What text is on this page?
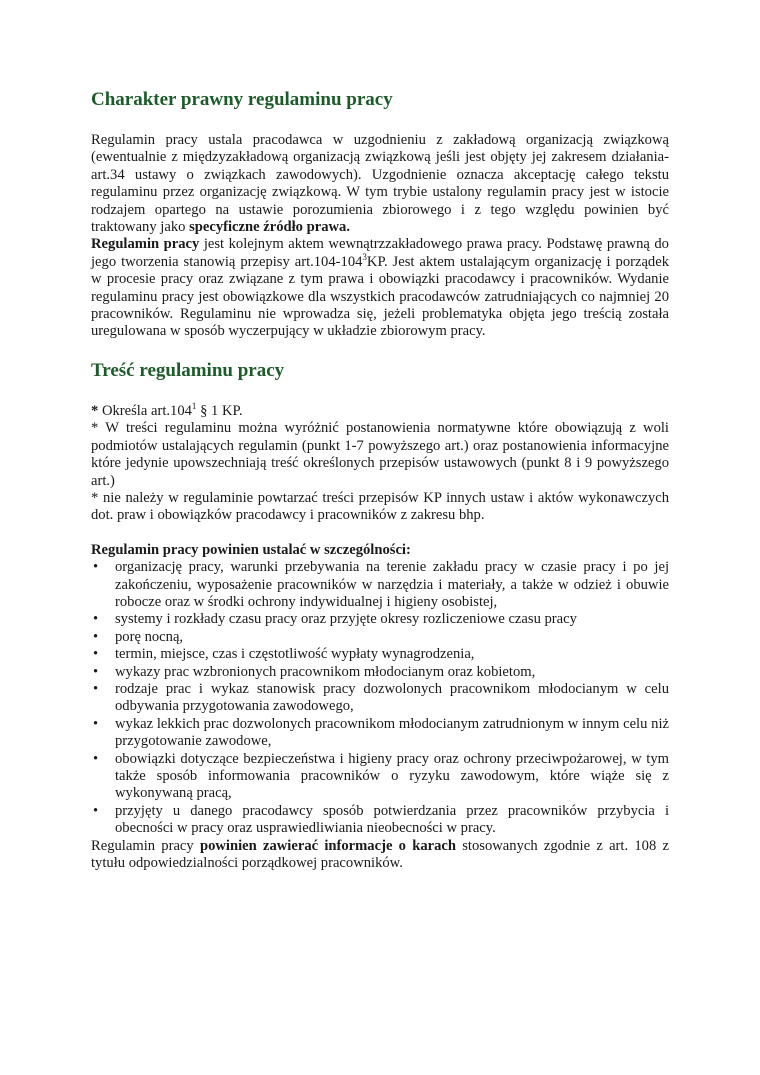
Charakter prawny regulaminu pracy

Regulamin pracy ustala pracodawca w uzgodnieniu z zakładową organizacją związkową (ewentualnie z międzyzakładową organizacją związkową jeśli jest objęty jej zakresem działania- art.34 ustawy o związkach zawodowych). Uzgodnienie oznacza akceptację całego tekstu regulaminu przez organizację związkową. W tym trybie ustalony regulamin pracy jest w istocie rodzajem opartego na ustawie porozumienia zbiorowego i z tego względu powinien być traktowany jako specyficzne źródło prawa.

Regulamin pracy jest kolejnym aktem wewnątrzzakładowego prawa pracy. Podstawę prawną do jego tworzenia stanowią przepisy $art.104-104^3KP$. Jest aktem ustalającym organizację i porządek w procesie pracy oraz związane z tym prawa i obowiązki pracodawcy i pracowników. Wydanie regulaminu pracy jest obowiązkowe dla wszystkich pracodawców zatrudniających co najmniej 20 pracowników. Regulaminu nie wprowadza się, jeżeli problematyka objęta jego treścią została uregulowana w sposób wyczerpujący w układzie zbiorowym pracy.

Treść regulaminu pracy

* Określa art.104$^1$ § 1 KP.

* W treści regulaminu można wyróżnić postanowienia normatywne które obowiązują z woli podmiotów ustalających regulamin (punkt 1-7 powyższego art.) oraz postanowienia informacyjne które jedynie upowszechniają treść określonych przepisów ustawowych (punkt 8 i 9 powyższego art.)

* nie należy w regulaminie powtarzać treści przepisów KP innych ustaw i aktów wykonawczych dot. praw i obowiązków pracodawcy i pracowników z zakresu bhp.

Regulamin pracy powinien ustalać w szczególności:

• organizację pracy, warunki przebywania na terenie zakładu pracy w czasie pracy i po jej zakończeniu, wyposażenie pracowników w narzędzia i materiały, a także w odzież i obuwie robocze oraz w środki ochrony indywidualnej i higieny osobistej,
• systemy i rozkłady czasu pracy oraz przyjęte okresy rozliczeniowe czasu pracy
• porę nocną,
• termin, miejsce, czas i częstotliwość wypłaty wynagrodzenia,
• wykazy prac wzbronionych pracownikom młodocianym oraz kobietom,
• rodzaje prac i wykaz stanowisk pracy dozwolonych pracownikom młodocianym w celu odbywania przygotowania zawodowego,
• wykaz lekkich prac dozwolonych pracownikom młodocianym zatrudnionym w innym celu niż przygotowanie zawodowe,
• obowiązki dotyczące bezpieczeństwa i higieny pracy oraz ochrony przeciwpożarowej, w tym także sposób informowania pracowników o ryzyku zawodowym, które wiąże się z wykonywaną pracą,
• przyjęty u danego pracodawcy sposób potwierdzania przez pracowników przybycia i obecności w pracy oraz usprawiedliwiania nieobecności w pracy.

Regulamin pracy powinien zawierać informacje o karach stosowanych zgodnie z art. 108 z tytułu odpowiedzialności porządkowej pracowników.
